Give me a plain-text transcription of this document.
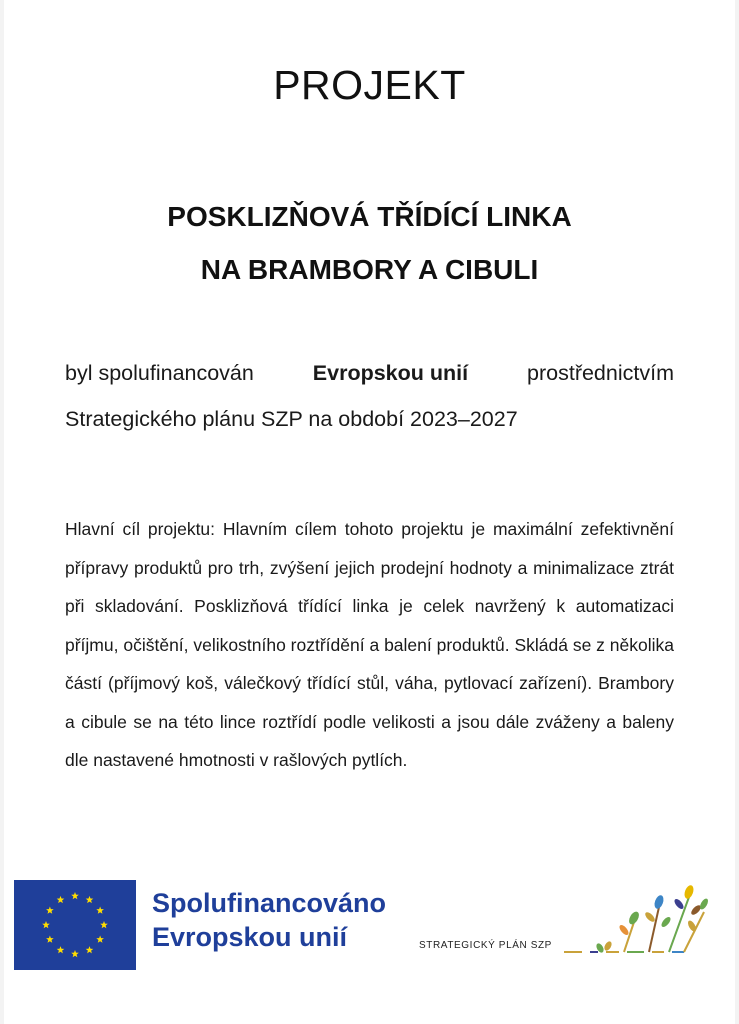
PROJEKT
POSKLIZŇOVÁ TŘÍDÍCÍ LINKA
NA BRAMBORY A CIBULI
byl spolufinancován	Evropskou unií	prostřednictvím
Strategického plánu SZP na období 2023–2027
Hlavní cíl projektu: Hlavním cílem tohoto projektu je maximální zefektivnění přípravy produktů pro trh, zvýšení jejich prodejní hodnoty a minimalizace ztrát při skladování. Posklizňová třídící linka je celek navržený k automatizaci příjmu, očištění, velikostního roztřídění a balení produktů. Skládá se z několika částí (příjmový koš, válečkový třídící stůl, váha, pytlovací zařízení). Brambory a cibule se na této lince roztřídí podle velikosti a jsou dále zváženy a baleny dle nastavené hmotnosti v rašlových pytlích.
Spolufinancováno
Evropskou unií	STRATEGICKÝ PLÁN SZP
